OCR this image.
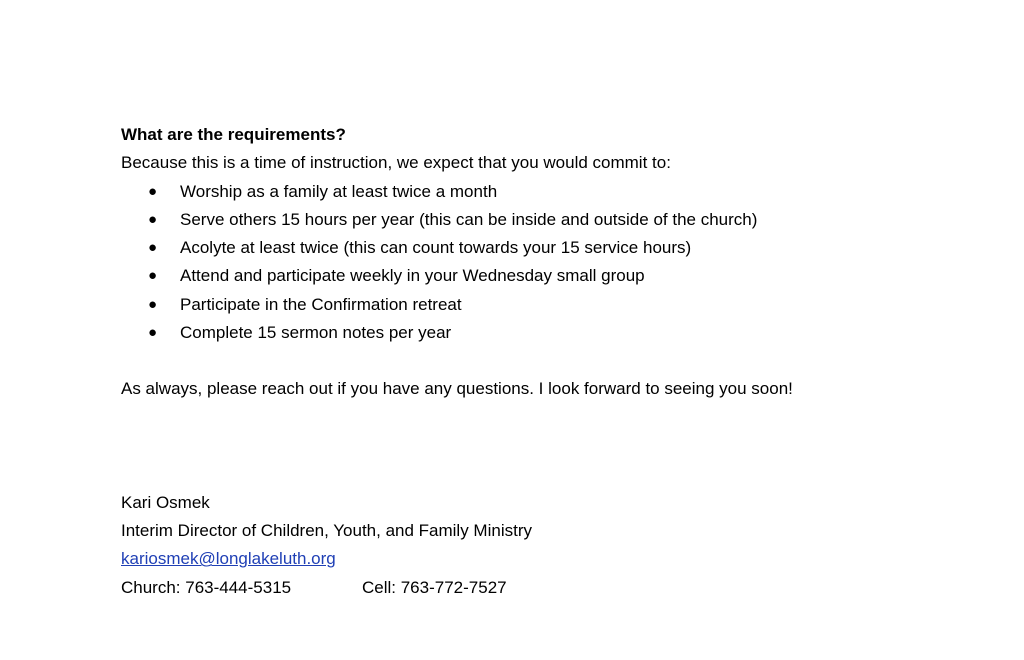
What are the requirements?

Because this is a time of instruction, we expect that you would commit to:

● Worship as a family at least twice a month
● Serve others 15 hours per year (this can be inside and outside of the church)
● Acolyte at least twice (this can count towards your 15 service hours)
● Attend and participate weekly in your Wednesday small group
● Participate in the Confirmation retreat
● Complete 15 sermon notes per year

As always, please reach out if you have any questions. I look forward to seeing you soon!

Kari Osmek

Interim Director of Children, Youth, and Family Ministry

kariosmek@longlakeluth.org

Church: 763-444-5315	Cell: 763-772-7527
